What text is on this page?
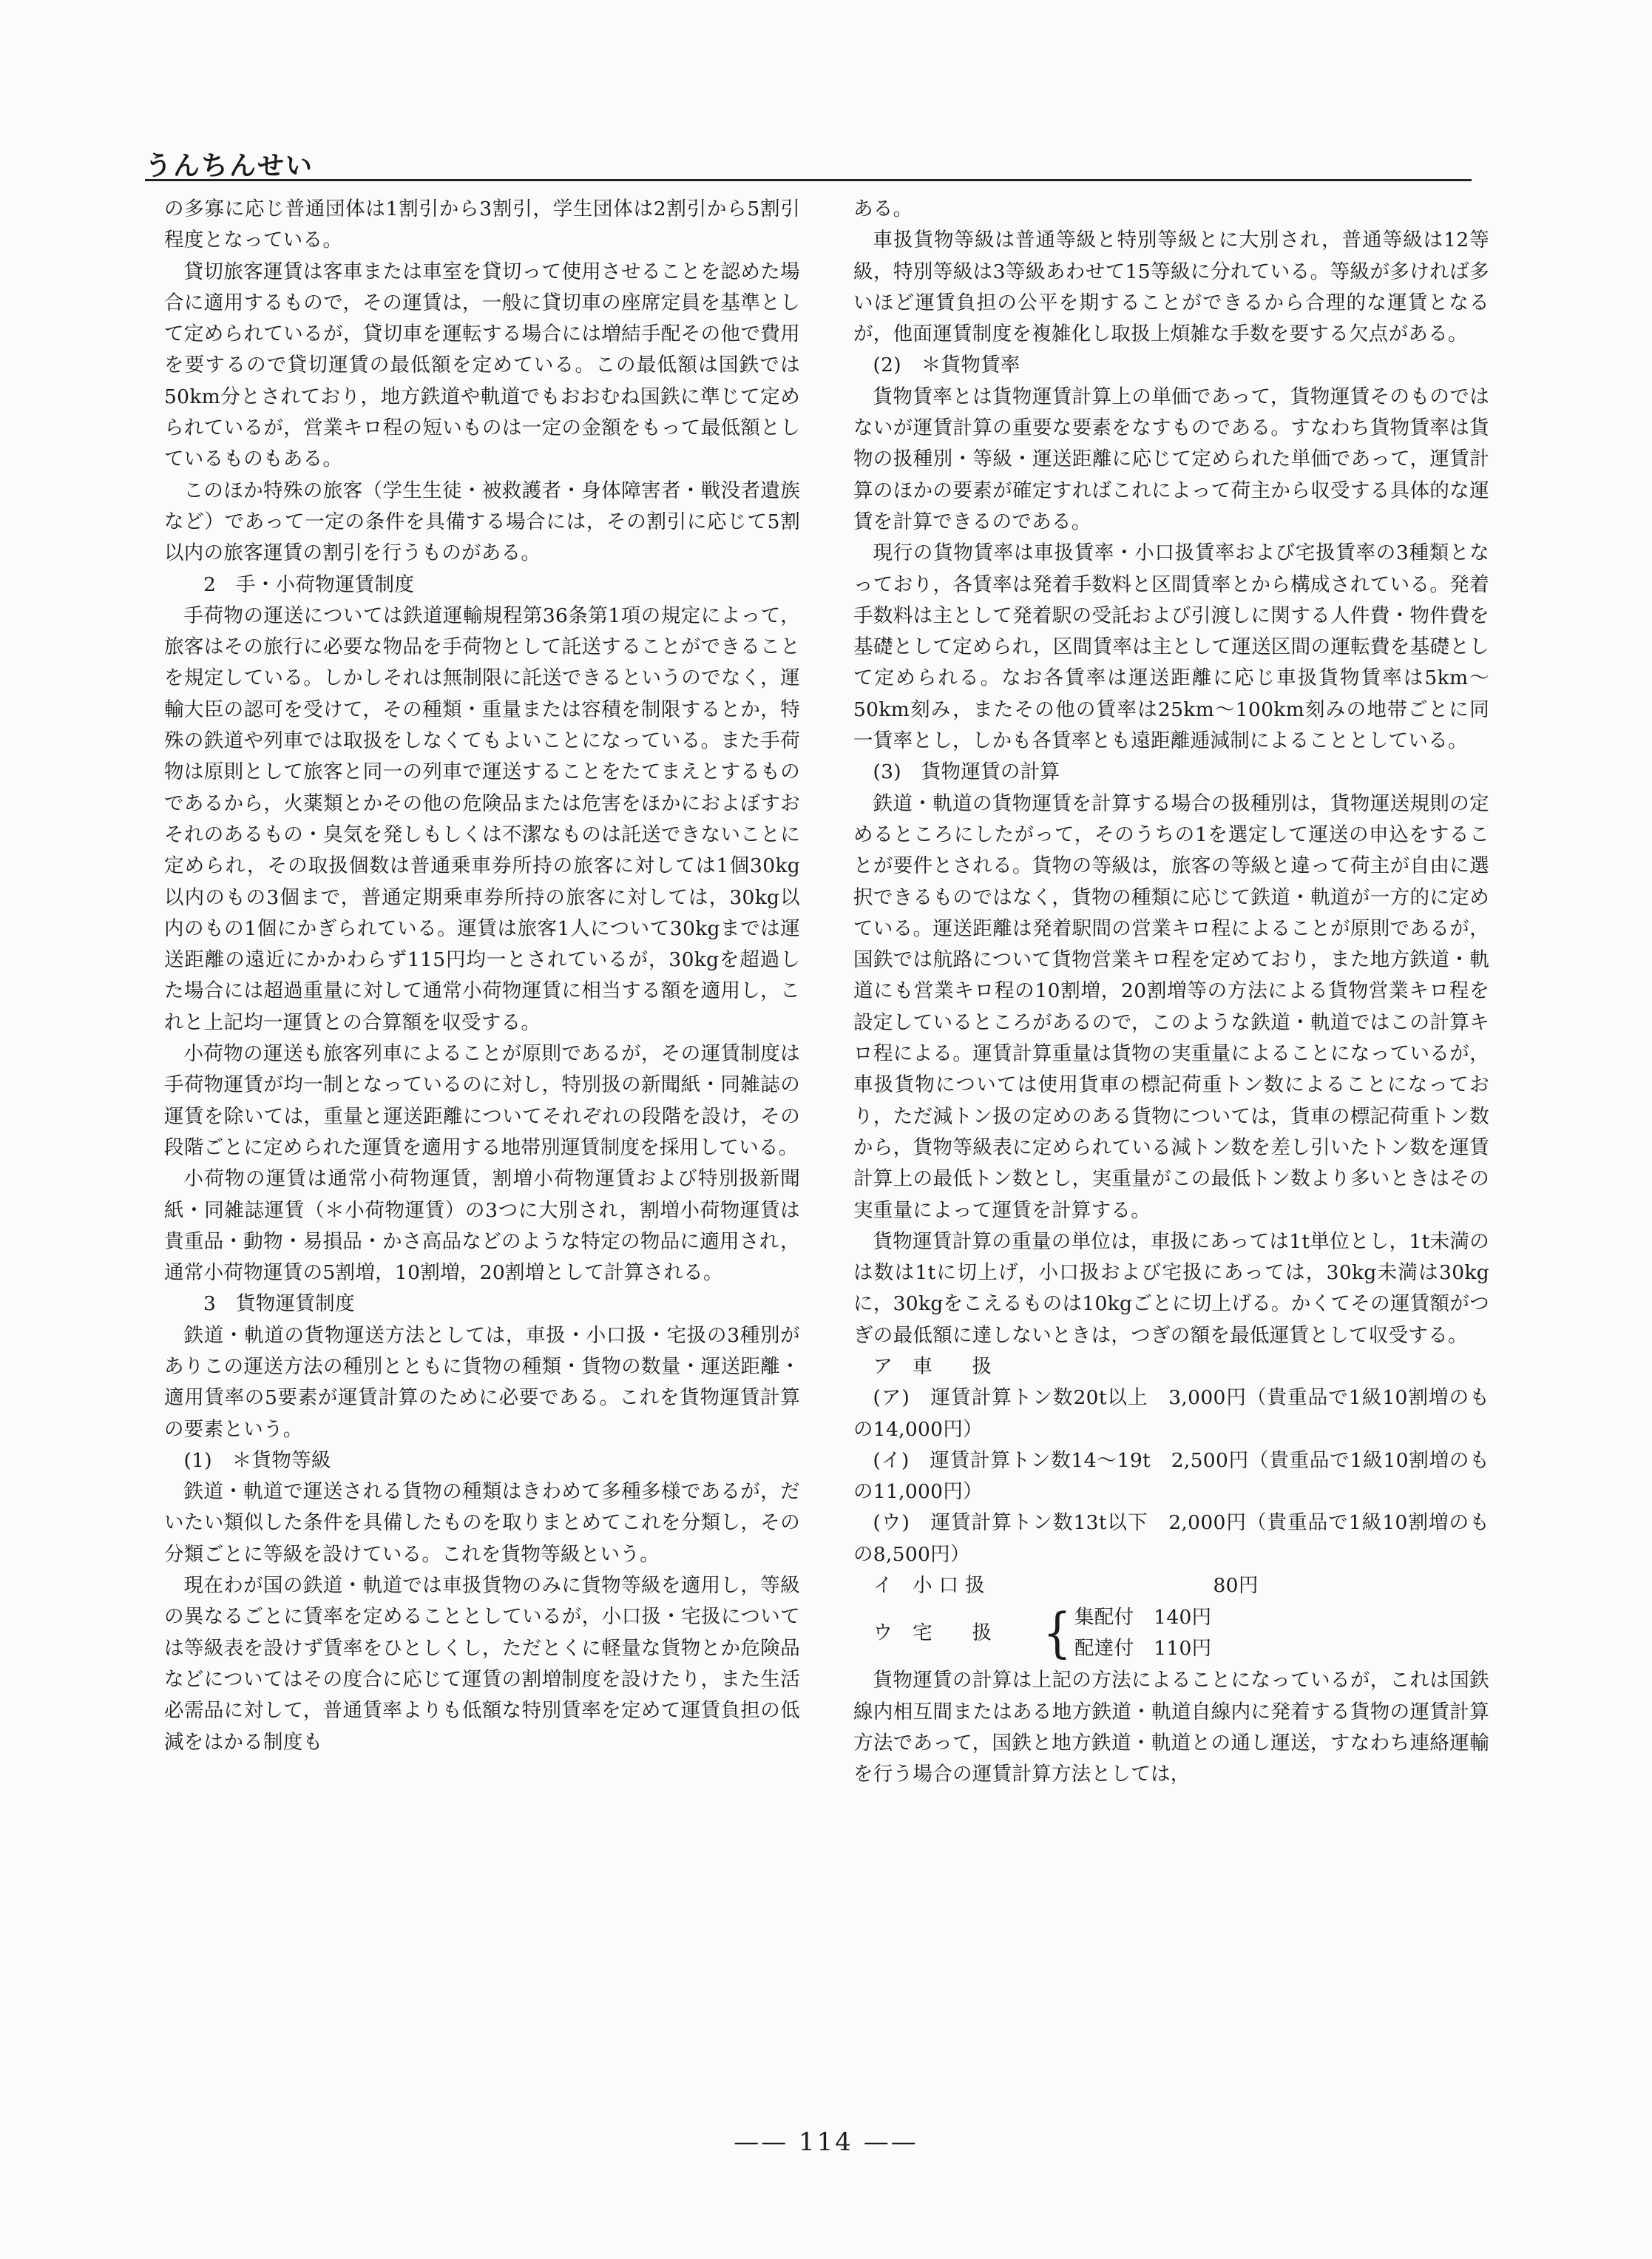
うんちんせい

の多寡に応じ普通団体は1割引から3割引，学生団体は2割引から5割引程度となっている。

貸切旅客運賃は客車または車室を貸切って使用させることを認めた場合に適用するもので，その運賃は，一般に貸切車の座席定員を基準として定められているが，貸切車を運転する場合には増結手配その他で費用を要するので貸切運賃の最低額を定めている。この最低額は国鉄では50km分とされており，地方鉄道や軌道でもおおむね国鉄に準じて定められているが，営業キロ程の短いものは一定の金額をもって最低額としているものもある。

このほか特殊の旅客（学生生徒・被救護者・身体障害者・戦没者遺族など）であって一定の条件を具備する場合には，その割引に応じて5割以内の旅客運賃の割引を行うものがある。

2　手・小荷物運賃制度

手荷物の運送については鉄道運輸規程第36条第1項の規定によって，旅客はその旅行に必要な物品を手荷物として託送することができることを規定している。しかしそれは無制限に託送できるというのでなく，運輸大臣の認可を受けて，その種類・重量または容積を制限するとか，特殊の鉄道や列車では取扱をしなくてもよいことになっている。また手荷物は原則として旅客と同一の列車で運送することをたてまえとするものであるから，火薬類とかその他の危険品または危害をほかにおよぼすおそれのあるもの・臭気を発しもしくは不潔なものは託送できないことに定められ，その取扱個数は普通乗車券所持の旅客に対しては1個30kg以内のもの3個まで，普通定期乗車券所持の旅客に対しては，30kg以内のもの1個にかぎられている。運賃は旅客1人について30kgまでは運送距離の遠近にかかわらず115円均一とされているが，30kgを超過した場合には超過重量に対して通常小荷物運賃に相当する額を適用し，これと上記均一運賃との合算額を収受する。

小荷物の運送も旅客列車によることが原則であるが，その運賃制度は手荷物運賃が均一制となっているのに対し，特別扱の新聞紙・同雑誌の運賃を除いては，重量と運送距離についてそれぞれの段階を設け，その段階ごとに定められた運賃を適用する地帯別運賃制度を採用している。

小荷物の運賃は通常小荷物運賃，割増小荷物運賃および特別扱新聞紙・同雑誌運賃（＊小荷物運賃）の3つに大別され，割増小荷物運賃は貴重品・動物・易損品・かさ高品などのような特定の物品に適用され，通常小荷物運賃の5割増，10割増，20割増として計算される。

3　貨物運賃制度

鉄道・軌道の貨物運送方法としては，車扱・小口扱・宅扱の3種別がありこの運送方法の種別とともに貨物の種類・貨物の数量・運送距離・適用賃率の5要素が運賃計算のために必要である。これを貨物運賃計算の要素という。

(1)　＊貨物等級

鉄道・軌道で運送される貨物の種類はきわめて多種多様であるが，だいたい類似した条件を具備したものを取りまとめてこれを分類し，その分類ごとに等級を設けている。これを貨物等級という。

現在わが国の鉄道・軌道では車扱貨物のみに貨物等級を適用し，等級の異なるごとに賃率を定めることとしているが，小口扱・宅扱については等級表を設けず賃率をひとしくし，ただとくに軽量な貨物とか危険品などについてはその度合に応じて運賃の割増制度を設けたり，また生活必需品に対して，普通賃率よりも低額な特別賃率を定めて運賃負担の低減をはかる制度も

ある。

車扱貨物等級は普通等級と特別等級とに大別され，普通等級は12等級，特別等級は3等級あわせて15等級に分れている。等級が多ければ多いほど運賃負担の公平を期することができるから合理的な運賃となるが，他面運賃制度を複雑化し取扱上煩雑な手数を要する欠点がある。

(2)　＊貨物賃率

貨物賃率とは貨物運賃計算上の単価であって，貨物運賃そのものではないが運賃計算の重要な要素をなすものである。すなわち貨物賃率は貨物の扱種別・等級・運送距離に応じて定められた単価であって，運賃計算のほかの要素が確定すればこれによって荷主から収受する具体的な運賃を計算できるのである。

現行の貨物賃率は車扱賃率・小口扱賃率および宅扱賃率の3種類となっており，各賃率は発着手数料と区間賃率とから構成されている。発着手数料は主として発着駅の受託および引渡しに関する人件費・物件費を基礎として定められ，区間賃率は主として運送区間の運転費を基礎として定められる。なお各賃率は運送距離に応じ車扱貨物賃率は5km〜50km刻み，またその他の賃率は25km〜100km刻みの地帯ごとに同一賃率とし，しかも各賃率とも遠距離逓減制によることとしている。

(3)　貨物運賃の計算

鉄道・軌道の貨物運賃を計算する場合の扱種別は，貨物運送規則の定めるところにしたがって，そのうちの1を選定して運送の申込をすることが要件とされる。貨物の等級は，旅客の等級と違って荷主が自由に選択できるものではなく，貨物の種類に応じて鉄道・軌道が一方的に定めている。運送距離は発着駅間の営業キロ程によることが原則であるが，国鉄では航路について貨物営業キロ程を定めており，また地方鉄道・軌道にも営業キロ程の10割増，20割増等の方法による貨物営業キロ程を設定しているところがあるので，このような鉄道・軌道ではこの計算キロ程による。運賃計算重量は貨物の実重量によることになっているが，車扱貨物については使用貨車の標記荷重トン数によることになっており，ただ減トン扱の定めのある貨物については，貨車の標記荷重トン数から，貨物等級表に定められている減トン数を差し引いたトン数を運賃計算上の最低トン数とし，実重量がこの最低トン数より多いときはその実重量によって運賃を計算する。

貨物運賃計算の重量の単位は，車扱にあっては1t単位とし，1t未満のは数は1tに切上げ，小口扱および宅扱にあっては，30kg未満は30kgに，30kgをこえるものは10kgごとに切上げる。かくてその運賃額がつぎの最低額に達しないときは，つぎの額を最低運賃として収受する。

ア　車　　扱

(ア)　運賃計算トン数20t以上　3,000円（貴重品で1級10割増のもの14,000円）

(イ)　運賃計算トン数14〜19t　2,500円（貴重品で1級10割増のもの11,000円）

(ウ)　運賃計算トン数13t以下　2,000円（貴重品で1級10割増のもの8,500円）

イ　小 口 扱	80円
ウ　宅　　扱	{ 集配付　140円
配達付　110円

貨物運賃の計算は上記の方法によることになっているが，これは国鉄線内相互間またはある地方鉄道・軌道自線内に発着する貨物の運賃計算方法であって，国鉄と地方鉄道・軌道との通し運送，すなわち連絡運輸を行う場合の運賃計算方法としては，

—— 114 ——
